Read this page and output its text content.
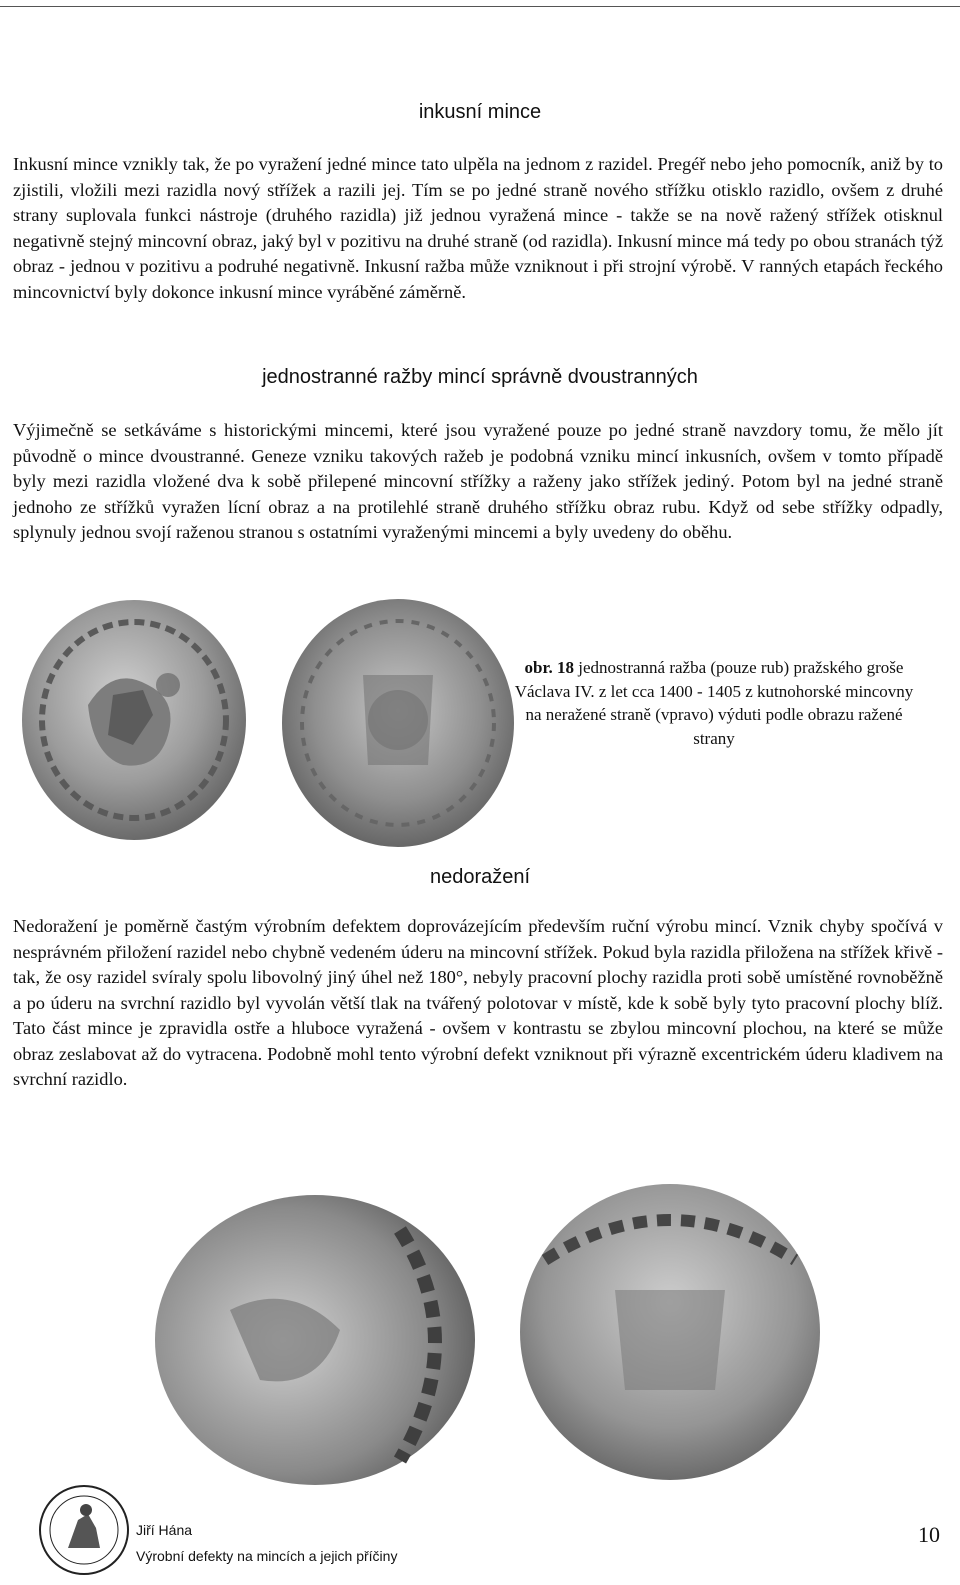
inkusní mince

Inkusní mince vznikly tak, že po vyražení jedné mince tato ulpěla na jednom z razidel. Pregéř nebo jeho pomocník, aniž by to zjistili, vložili mezi razidla nový střížek a razili jej. Tím se po jedné straně nového střížku otisklo razidlo, ovšem z druhé strany suplovala funkci nástroje (druhého razidla) již jednou vyražená mince - takže se na nově ražený střížek otisknul negativně stejný mincovní obraz, jaký byl v pozitivu na druhé straně (od razidla). Inkusní mince má tedy po obou stranách týž obraz - jednou v pozitivu a podruhé negativně. Inkusní ražba může vzniknout i při strojní výrobě. V ranných etapách řeckého mincovnictví byly dokonce inkusní mince vyráběné záměrně.

jednostranné ražby mincí správně dvoustranných

Výjimečně se setkáváme s historickými mincemi, které jsou vyražené pouze po jedné straně navzdory tomu, že mělo jít původně o mince dvoustranné. Geneze vzniku takových ražeb je podobná vzniku mincí inkusních, ovšem v tomto případě byly mezi razidla vložené dva k sobě přilepené mincovní střížky a raženy jako střížek jediný. Potom byl na jedné straně jednoho ze střížků vyražen lícní obraz a na protilehlé straně druhého střížku obraz rubu. Když od sebe střížky odpadly, splynuly jednou svojí raženou stranou s ostatními vyraženými mincemi a byly uvedeny do oběhu.

obr. 18 jednostranná ražba (pouze rub) pražského groše Václava IV. z let cca 1400 - 1405 z kutnohorské mincovny na neražené straně (vpravo) výduti podle obrazu ražené strany
nedoražení

Nedoražení je poměrně častým výrobním defektem doprovázejícím především ruční výrobu mincí. Vznik chyby spočívá v nesprávném přiložení razidel nebo chybně vedeném úderu na mincovní střížek. Pokud byla razidla přiložena na střížek křivě - tak, že osy razidel svíraly spolu libovolný jiný úhel než 180°, nebyly pracovní plochy razidla proti sobě umístěné rovnoběžně a po úderu na svrchní razidlo byl vyvolán větší tlak na tvářený polotovar v místě, kde k sobě byly tyto pracovní plochy blíž. Tato část mince je zpravidla ostře a hluboce vyražená - ovšem v kontrastu se zbylou mincovní plochou, na které se může obraz zeslabovat až do vytracena. Podobně mohl tento výrobní defekt vzniknout při výrazně excentrickém úderu kladivem na svrchní razidlo.

Jiří Hána
Výrobní defekty na mincích a jejich příčiny
10
